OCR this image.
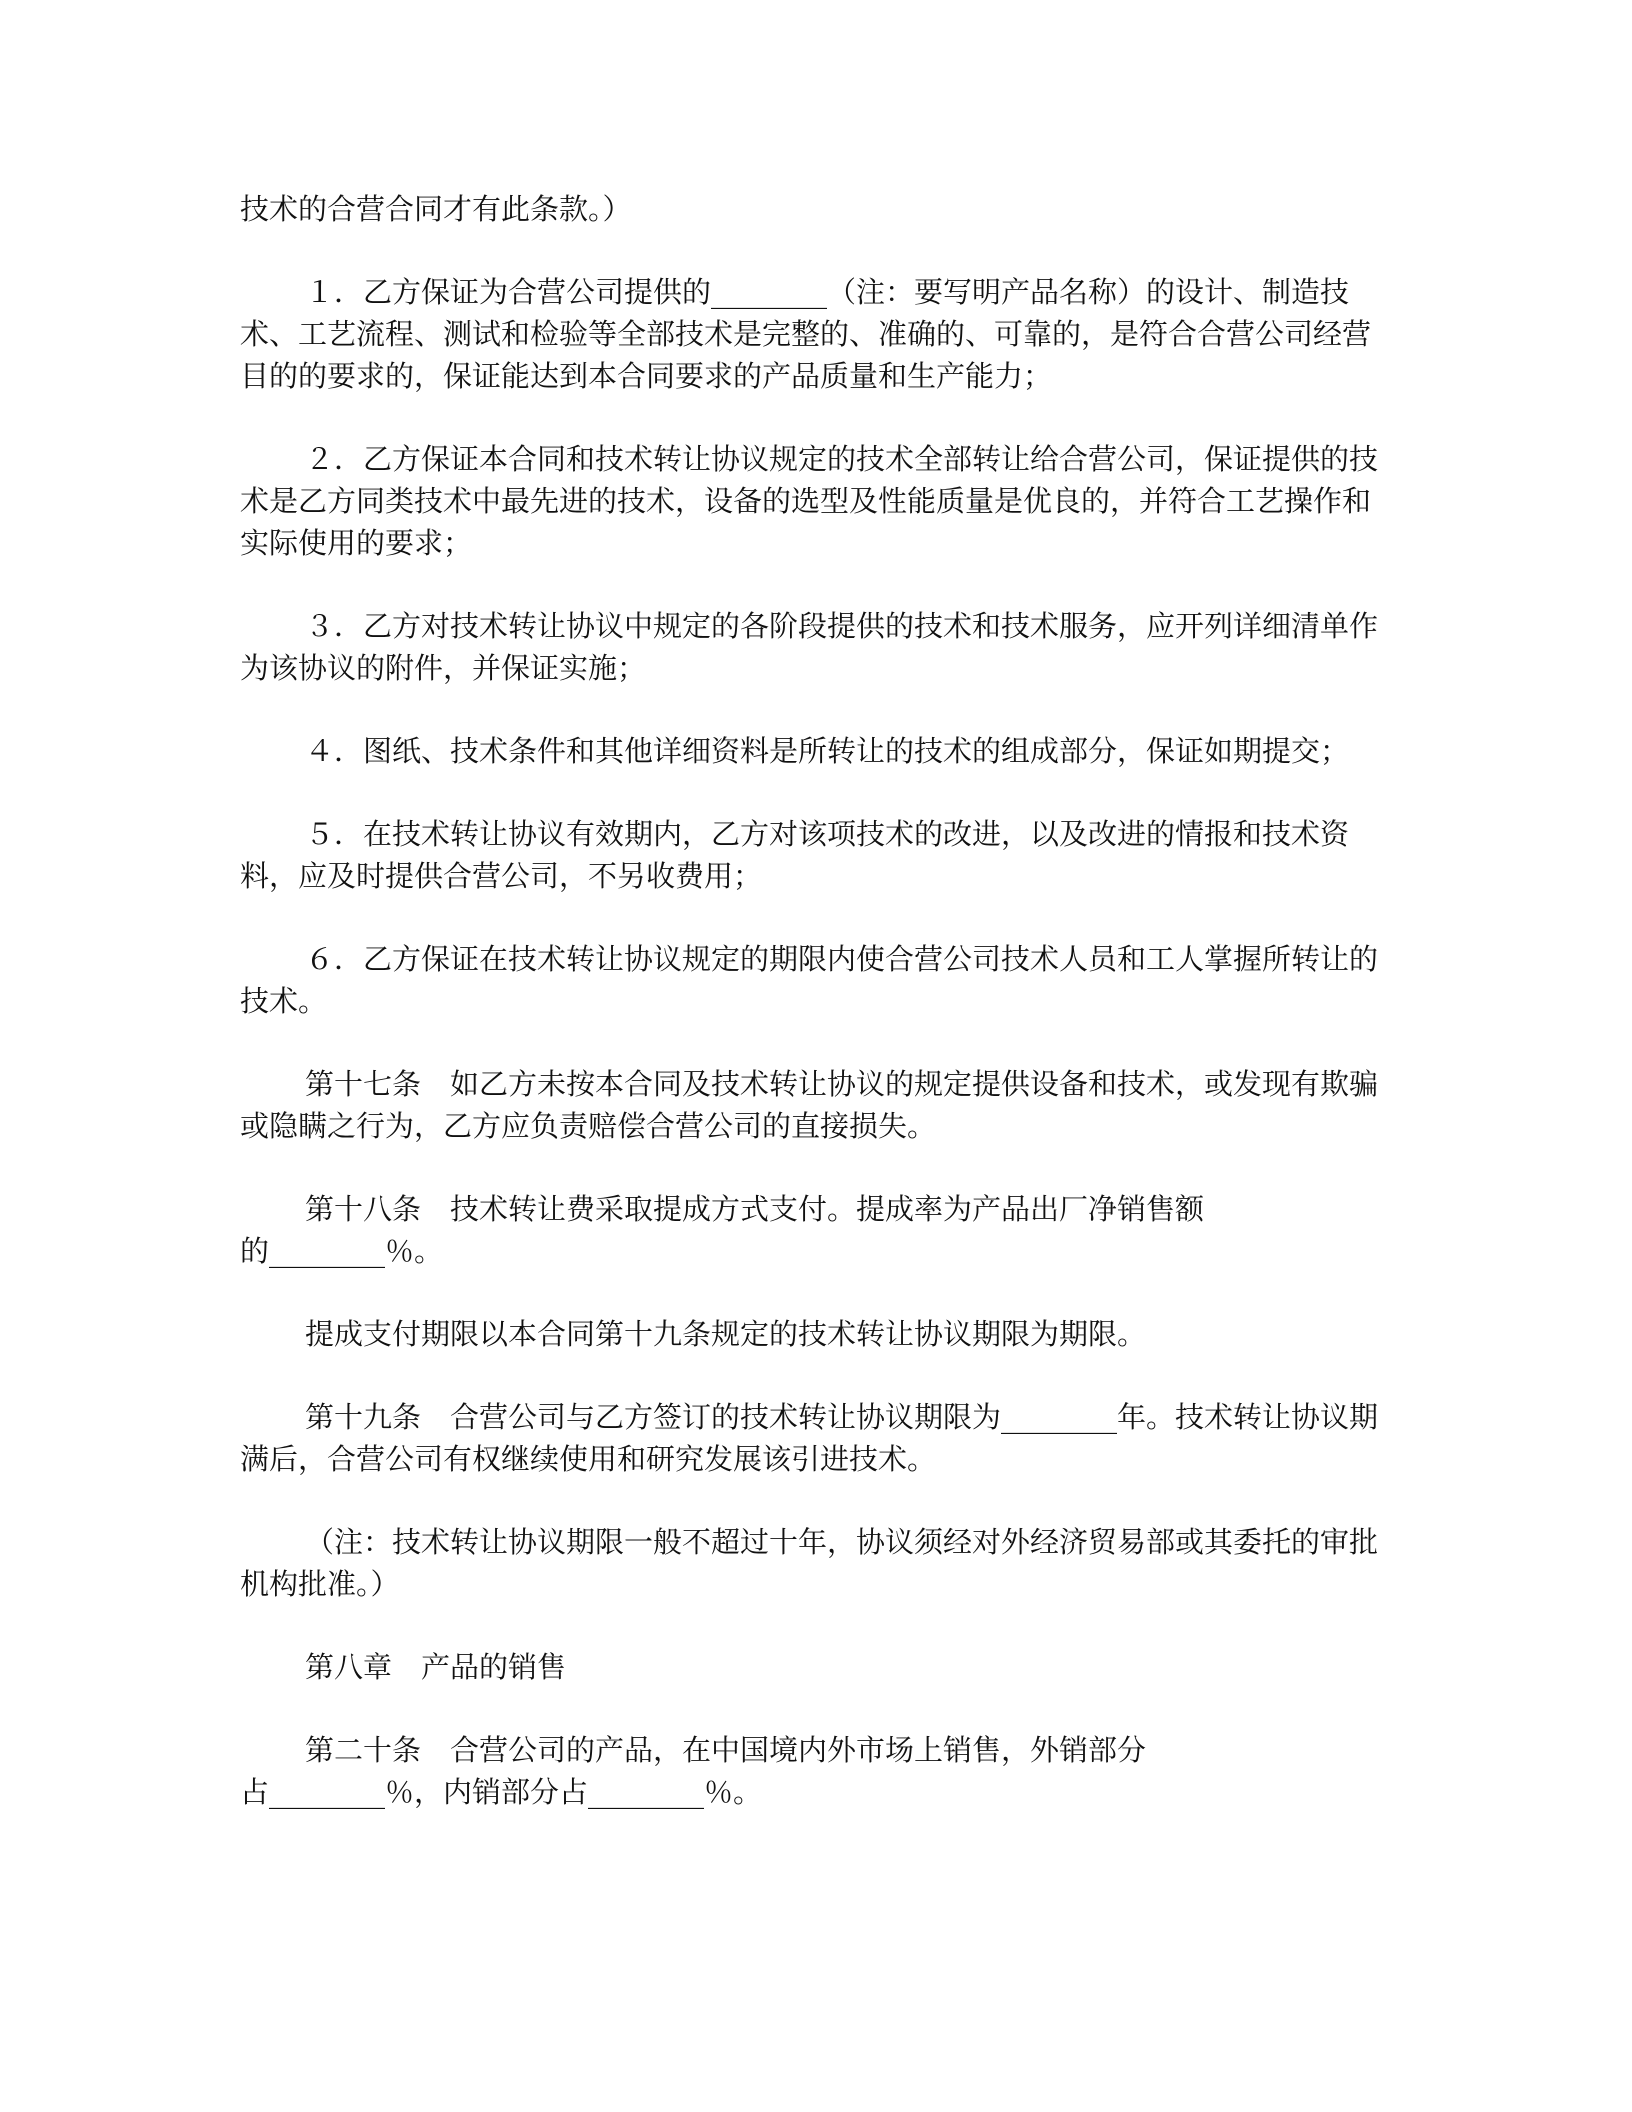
技术的合营合同才有此条款。）

１．乙方保证为合营公司提供的________（注：要写明产品名称）的设计、制造技术、工艺流程、测试和检验等全部技术是完整的、准确的、可靠的，是符合合营公司经营目的的要求的，保证能达到本合同要求的产品质量和生产能力；

２．乙方保证本合同和技术转让协议规定的技术全部转让给合营公司，保证提供的技术是乙方同类技术中最先进的技术，设备的选型及性能质量是优良的，并符合工艺操作和实际使用的要求；

３．乙方对技术转让协议中规定的各阶段提供的技术和技术服务，应开列详细清单作为该协议的附件，并保证实施；

４．图纸、技术条件和其他详细资料是所转让的技术的组成部分，保证如期提交；

５．在技术转让协议有效期内，乙方对该项技术的改进，以及改进的情报和技术资料，应及时提供合营公司，不另收费用；

６．乙方保证在技术转让协议规定的期限内使合营公司技术人员和工人掌握所转让的技术。

第十七条　如乙方未按本合同及技术转让协议的规定提供设备和技术，或发现有欺骗或隐瞒之行为，乙方应负责赔偿合营公司的直接损失。

第十八条　技术转让费采取提成方式支付。提成率为产品出厂净销售额
的________％。

提成支付期限以本合同第十九条规定的技术转让协议期限为期限。

第十九条　合营公司与乙方签订的技术转让协议期限为________年。技术转让协议期满后，合营公司有权继续使用和研究发展该引进技术。

（注：技术转让协议期限一般不超过十年，协议须经对外经济贸易部或其委托的审批机构批准。）

第八章　产品的销售

第二十条　合营公司的产品，在中国境内外市场上销售，外销部分
占________％，内销部分占________％。
